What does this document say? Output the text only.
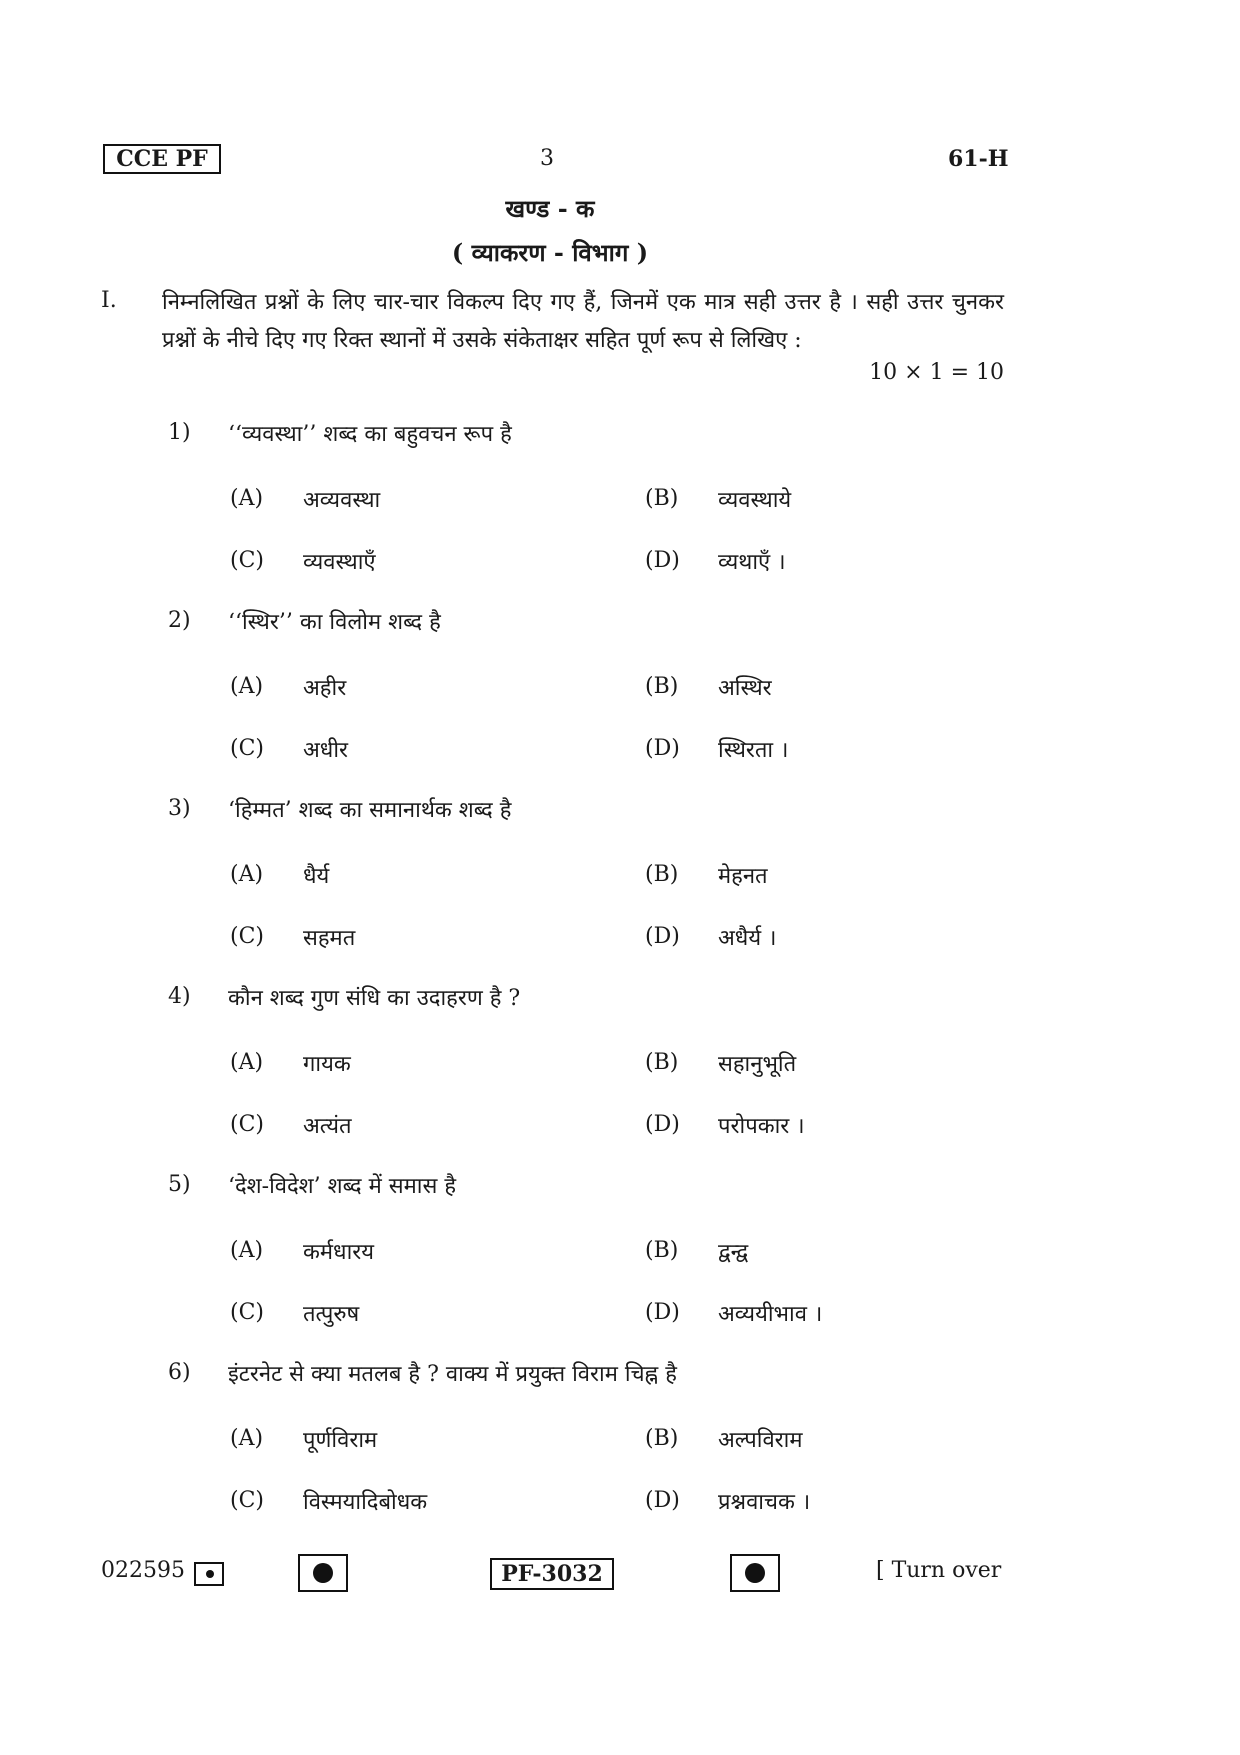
CCE PF	3	61-H
खण्ड - क
( व्याकरण - विभाग )
I. निम्नलिखित प्रश्नों के लिए चार-चार विकल्प दिए गए हैं, जिनमें एक मात्र सही उत्तर है । सही उत्तर चुनकर प्रश्नों के नीचे दिए गए रिक्त स्थानों में उसके संकेताक्षर सहित पूर्ण रूप से लिखिए :
10 × 1 = 10
1) ‘‘व्यवस्था’’ शब्द का बहुवचन रूप है
(A) अव्यवस्था	(B) व्यवस्थाये
(C) व्यवस्थाएँ	(D) व्यथाएँ ।
2) ‘‘स्थिर’’ का विलोम शब्द है
(A) अहीर	(B) अस्थिर
(C) अधीर	(D) स्थिरता ।
3) ‘हिम्मत’ शब्द का समानार्थक शब्द है
(A) धैर्य	(B) मेहनत
(C) सहमत	(D) अधैर्य ।
4) कौन शब्द गुण संधि का उदाहरण है ?
(A) गायक	(B) सहानुभूति
(C) अत्यंत	(D) परोपकार ।
5) ‘देश-विदेश’ शब्द में समास है
(A) कर्मधारय	(B) द्वन्द्व
(C) तत्पुरुष	(D) अव्ययीभाव ।
6) इंटरनेट से क्या मतलब है ? वाक्य में प्रयुक्त विराम चिह्न है
(A) पूर्णविराम	(B) अल्पविराम
(C) विस्मयादिबोधक	(D) प्रश्नवाचक ।
022595	PF-3032	[ Turn over
